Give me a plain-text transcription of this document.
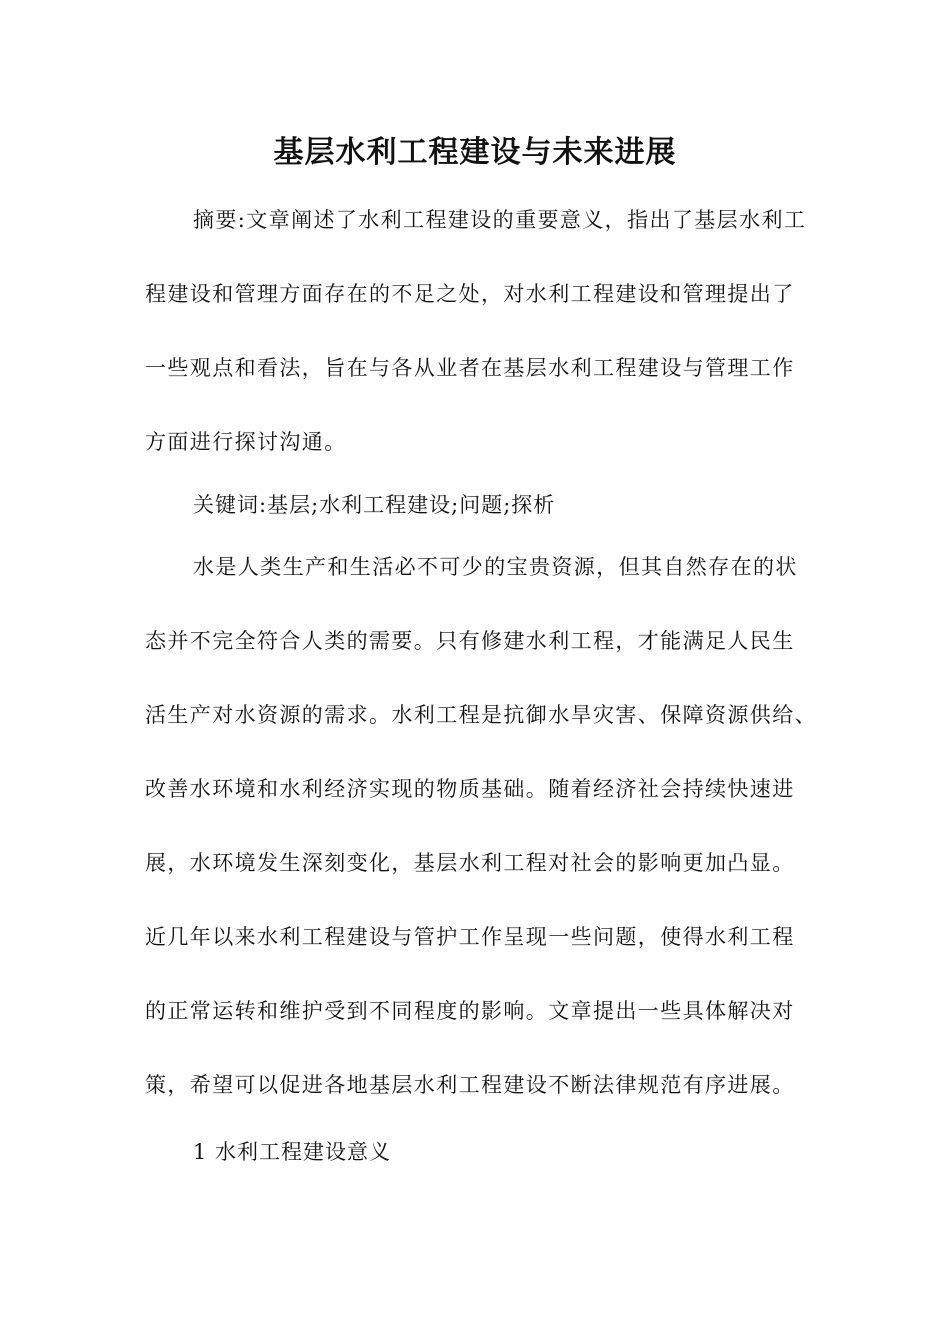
基层水利工程建设与未来进展
摘要:文章阐述了水利工程建设的重要意义，指出了基层水利工
程建设和管理方面存在的不足之处，对水利工程建设和管理提出了
一些观点和看法，旨在与各从业者在基层水利工程建设与管理工作
方面进行探讨沟通。

关键词:基层;水利工程建设;问题;探析

水是人类生产和生活必不可少的宝贵资源，但其自然存在的状
态并不完全符合人类的需要。只有修建水利工程，才能满足人民生
活生产对水资源的需求。水利工程是抗御水旱灾害、保障资源供给、
改善水环境和水利经济实现的物质基础。随着经济社会持续快速进
展，水环境发生深刻变化，基层水利工程对社会的影响更加凸显。
近几年以来水利工程建设与管护工作呈现一些问题，使得水利工程
的正常运转和维护受到不同程度的影响。文章提出一些具体解决对
策，希望可以促进各地基层水利工程建设不断法律规范有序进展。

1 水利工程建设意义
